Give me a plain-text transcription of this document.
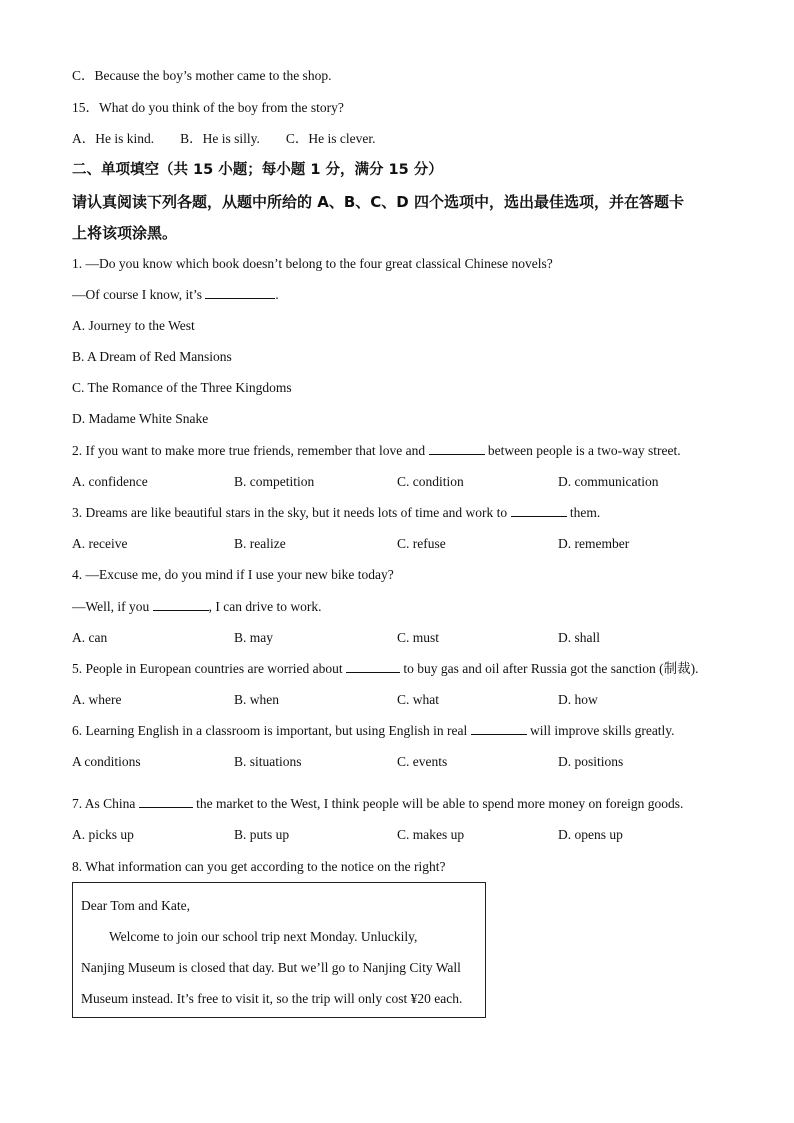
C．Because the boy’s mother came to the shop.
15．What do you think of the boy from the story?
A．He is kind. B．He is silly. C．He is clever.
二、单项填空（共 15 小题；每小题 1 分，满分 15 分）
请认真阅读下列各题，从题中所给的 A、B、C、D 四个选项中，选出最佳选项，并在答题卡
上将该项涂黑。
1. —Do you know which book doesn’t belong to the four great classical Chinese novels?
—Of course I know, it’s	.
A. Journey to the West
B. A Dream of Red Mansions
C. The Romance of the Three Kingdoms
D. Madame White Snake
2. If you want to make more true friends, remember that love and	between people is a two-way street.
A. confidence	B. competition	C. condition	D. communication
3. Dreams are like beautiful stars in the sky, but it needs lots of time and work to	them.
A. receive	B. realize	C. refuse	D. remember
4. —Excuse me, do you mind if I use your new bike today?
—Well, if you	, I can drive to work.
A. can	B. may	C. must	D. shall
5. People in European countries are worried about	to buy gas and oil after Russia got the sanction (制裁).
A. where	B. when	C. what	D. how
6. Learning English in a classroom is important, but using English in real	will improve skills greatly.
A conditions	B. situations	C. events	D. positions
7. As China	the market to the West, I think people will be able to spend more money on foreign goods.
A. picks up	B. puts up	C. makes up	D. opens up
8. What information can you get according to the notice on the right?
Dear Tom and Kate,
Welcome to join our school trip next Monday. Unluckily,
Nanjing Museum is closed that day. But we’ll go to Nanjing City Wall
Museum instead. It’s free to visit it, so the trip will only cost ¥20 each.
